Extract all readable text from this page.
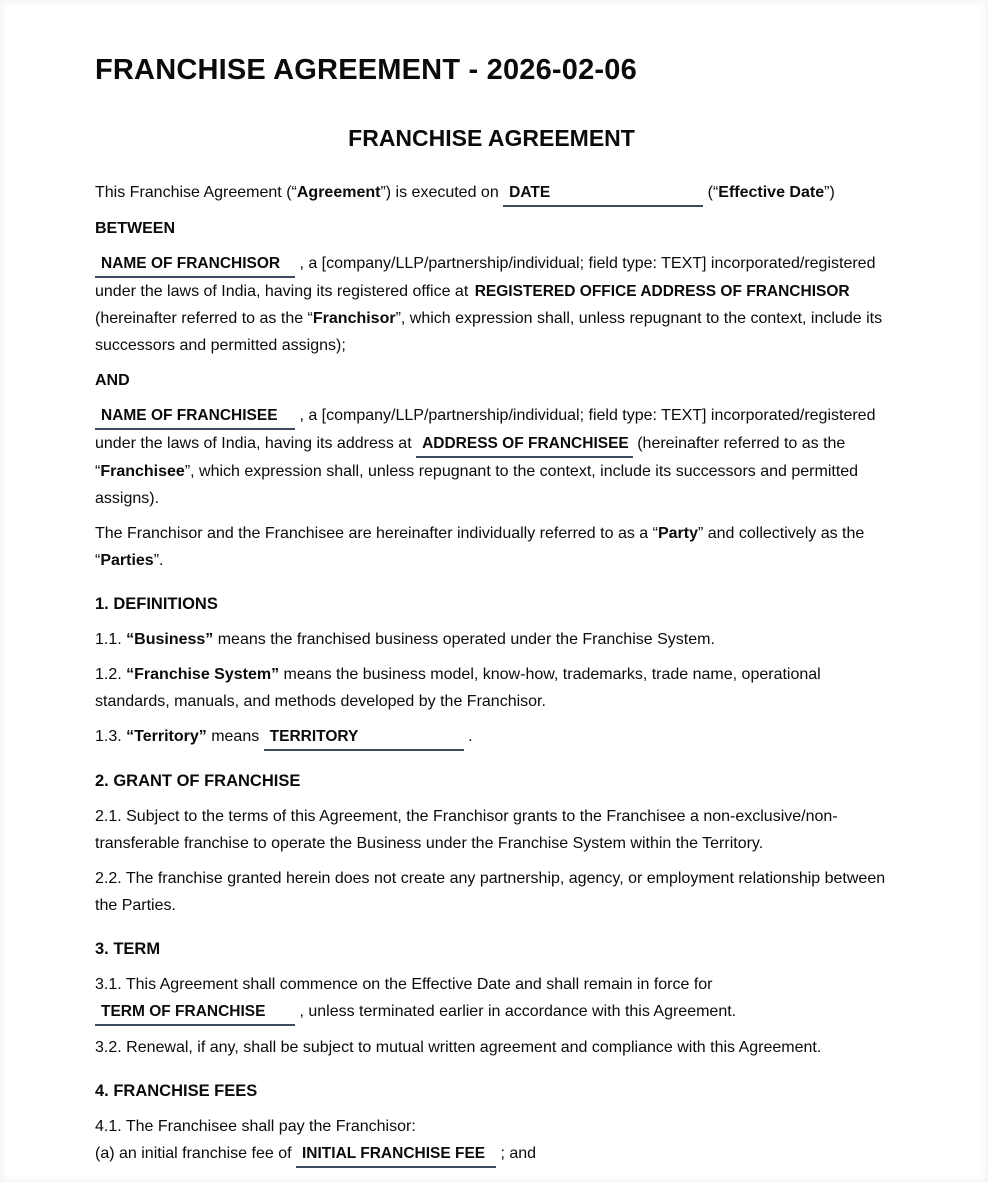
FRANCHISE AGREEMENT - 2026-02-06
FRANCHISE AGREEMENT

This Franchise Agreement (“Agreement”) is executed on DATE	(“Effective Date”)

BETWEEN

NAME OF FRANCHISOR , a [company/LLP/partnership/individual; field type: TEXT] incorporated/registered under the laws of India, having its registered office at REGISTERED OFFICE ADDRESS OF FRANCHISOR (hereinafter referred to as the “Franchisor”, which expression shall, unless repugnant to the context, include its successors and permitted assigns);

AND

NAME OF FRANCHISEE , a [company/LLP/partnership/individual; field type: TEXT] incorporated/registered under the laws of India, having its address at ADDRESS OF FRANCHISEE (hereinafter referred to as the “Franchisee”, which expression shall, unless repugnant to the context, include its successors and permitted assigns).

The Franchisor and the Franchisee are hereinafter individually referred to as a “Party” and collectively as the “Parties”.

1. DEFINITIONS

1.1. “Business” means the franchised business operated under the Franchise System.

1.2. “Franchise System” means the business model, know-how, trademarks, trade name, operational standards, manuals, and methods developed by the Franchisor.

1.3. “Territory” means TERRITORY	.

2. GRANT OF FRANCHISE

2.1. Subject to the terms of this Agreement, the Franchisor grants to the Franchisee a non-exclusive/non-transferable franchise to operate the Business under the Franchise System within the Territory.

2.2. The franchise granted herein does not create any partnership, agency, or employment relationship between the Parties.

3. TERM

3.1. This Agreement shall commence on the Effective Date and shall remain in force for TERM OF FRANCHISE , unless terminated earlier in accordance with this Agreement.

3.2. Renewal, if any, shall be subject to mutual written agreement and compliance with this Agreement.

4. FRANCHISE FEES

4.1. The Franchisee shall pay the Franchisor:
(a) an initial franchise fee of INITIAL FRANCHISE FEE ; and
